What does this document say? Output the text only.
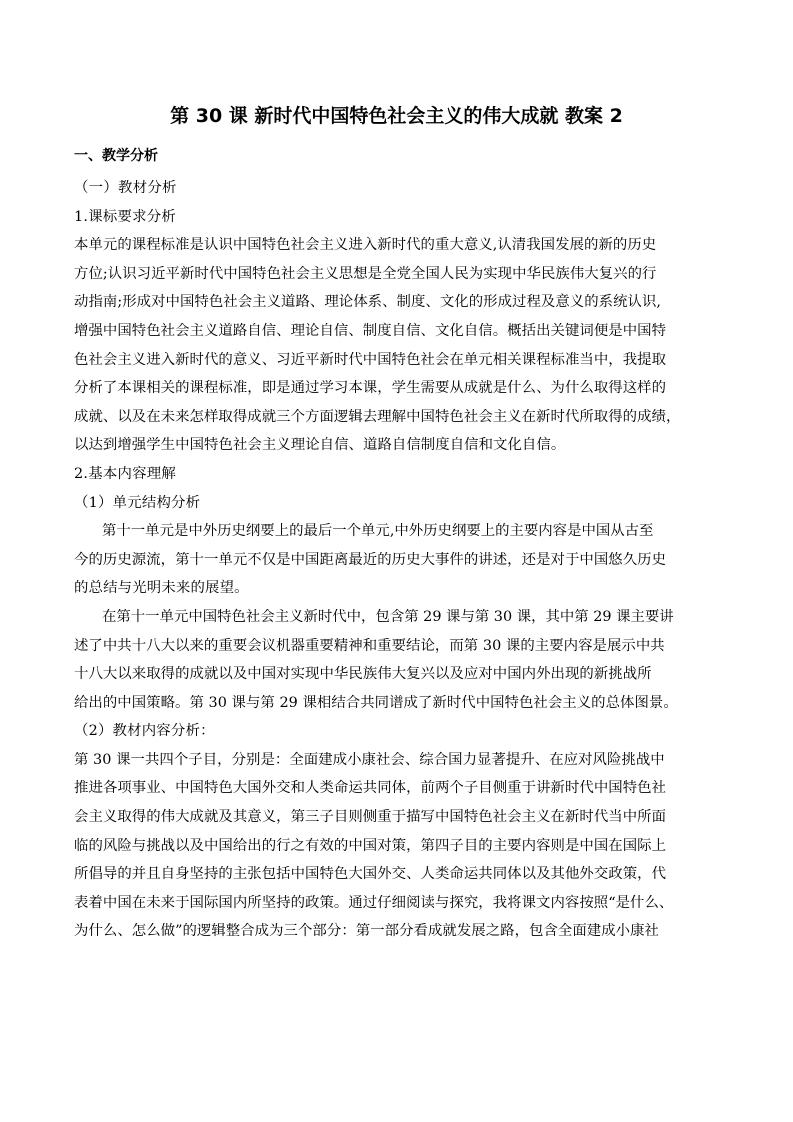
第 30 课 新时代中国特色社会主义的伟大成就 教案 2
一、教学分析
（一）教材分析
1.课标要求分析
本单元的课程标准是认识中国特色社会主义进入新时代的重大意义,认清我国发展的新的历史
方位;认识习近平新时代中国特色社会主义思想是全党全国人民为实现中华民族伟大复兴的行
动指南;形成对中国特色社会主义道路、理论体系、制度、文化的形成过程及意义的系统认识,
增强中国特色社会主义道路自信、理论自信、制度自信、文化自信。概括出关键词便是中国特
色社会主义进入新时代的意义、习近平新时代中国特色社会在单元相关课程标准当中，我提取
分析了本课相关的课程标准，即是通过学习本课，学生需要从成就是什么、为什么取得这样的
成就、以及在未来怎样取得成就三个方面逻辑去理解中国特色社会主义在新时代所取得的成绩，
以达到增强学生中国特色社会主义理论自信、道路自信制度自信和文化自信。
2.基本内容理解
（1）单元结构分析
第十一单元是中外历史纲要上的最后一个单元,中外历史纲要上的主要内容是中国从古至
今的历史源流，第十一单元不仅是中国距离最近的历史大事件的讲述，还是对于中国悠久历史
的总结与光明未来的展望。
在第十一单元中国特色社会主义新时代中，包含第 29 课与第 30 课，其中第 29 课主要讲
述了中共十八大以来的重要会议机器重要精神和重要结论，而第 30 课的主要内容是展示中共
十八大以来取得的成就以及中国对实现中华民族伟大复兴以及应对中国内外出现的新挑战所
给出的中国策略。第 30 课与第 29 课相结合共同谱成了新时代中国特色社会主义的总体图景。
（2）教材内容分析：
第 30 课一共四个子目，分别是：全面建成小康社会、综合国力显著提升、在应对风险挑战中
推进各项事业、中国特色大国外交和人类命运共同体，前两个子目侧重于讲新时代中国特色社
会主义取得的伟大成就及其意义，第三子目则侧重于描写中国特色社会主义在新时代当中所面
临的风险与挑战以及中国给出的行之有效的中国对策，第四子目的主要内容则是中国在国际上
所倡导的并且自身坚持的主张包括中国特色大国外交、人类命运共同体以及其他外交政策，代
表着中国在未来于国际国内所坚持的政策。通过仔细阅读与探究，我将课文内容按照“是什么、
为什么、怎么做”的逻辑整合成为三个部分：第一部分看成就发展之路，包含全面建成小康社
